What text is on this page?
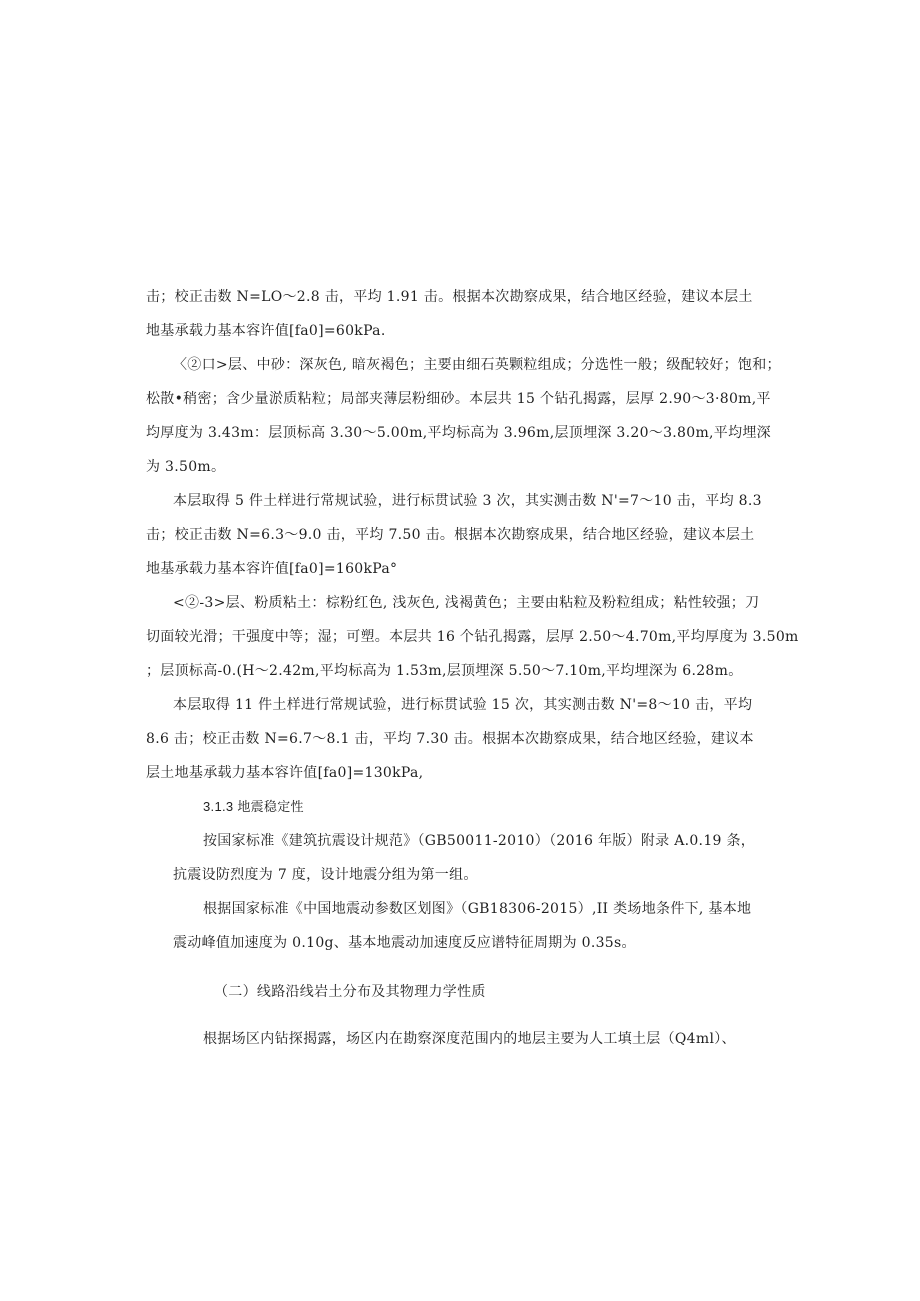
击；校正击数 N=LO～2.8 击，平均 1.91 击。根据本次勘察成果，结合地区经验，建议本层土
地基承载力基本容许值[fa0]=60kPa.
〈②口>层、中砂：深灰色, 暗灰褐色；主要由细石英颗粒组成；分选性一般；级配较好；饱和；
松散•稍密；含少量淤质粘粒；局部夹薄层粉细砂。本层共 15 个钻孔揭露，层厚 2.90～3·80m,平
均厚度为 3.43m：层顶标高 3.30～5.00m,平均标高为 3.96m,层顶埋深 3.20～3.80m,平均埋深
为 3.50m。
本层取得 5 件土样进行常规试验，进行标贯试验 3 次，其实测击数 N'=7～10 击，平均 8.3
击；校正击数 N=6.3～9.0 击，平均 7.50 击。根据本次勘察成果，结合地区经验，建议本层土
地基承载力基本容许值[fa0]=160kPa°
<②-3>层、粉质粘土：棕粉红色, 浅灰色, 浅褐黄色；主要由粘粒及粉粒组成；粘性较强；刀
切面较光滑；干强度中等；湿；可塑。本层共 16 个钻孔揭露，层厚 2.50～4.70m,平均厚度为 3.50m
；层顶标高-0.(H～2.42m,平均标高为 1.53m,层顶埋深 5.50～7.10m,平均埋深为 6.28m。
本层取得 11 件土样进行常规试验，进行标贯试验 15 次，其实测击数 N'=8～10 击，平均
8.6 击；校正击数 N=6.7～8.1 击，平均 7.30 击。根据本次勘察成果，结合地区经验，建议本
层土地基承载力基本容许值[fa0]=130kPa,
3.1.3 地震稳定性
按国家标准《建筑抗震设计规范》（GB50011-2010）（2016 年版）附录 A.0.19 条，
抗震设防烈度为 7 度，设计地震分组为第一组。
根据国家标准《中国地震动参数区划图》（GB18306-2015）,II 类场地条件下, 基本地
震动峰值加速度为 0.10g、基本地震动加速度反应谱特征周期为 0.35s。
（二）线路沿线岩土分布及其物理力学性质
根据场区内钻探揭露，场区内在勘察深度范围内的地层主要为人工填土层（Q4ml）、
